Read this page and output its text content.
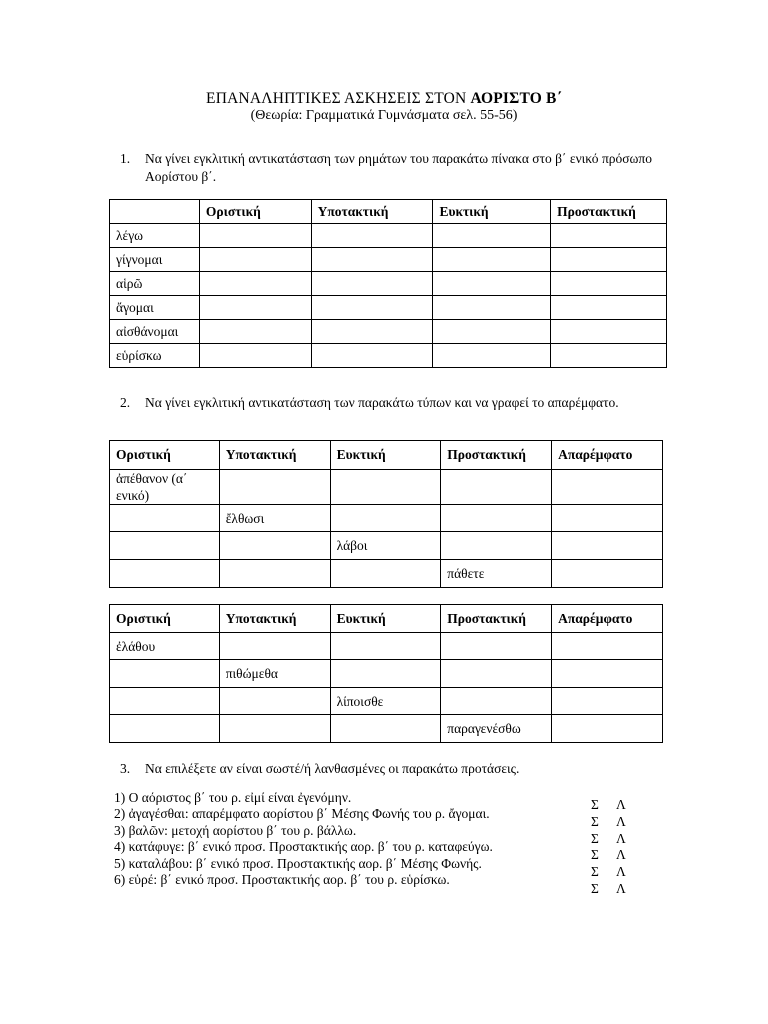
ΕΠΑΝΑΛΗΠΤΙΚΕΣ ΑΣΚΗΣΕΙΣ ΣΤΟΝ ΑΟΡΙΣΤΟ Β΄
(Θεωρία: Γραμματικά Γυμνάσματα σελ. 55-56)
1.	Να γίνει εγκλιτική αντικατάσταση των ρημάτων του παρακάτω πίνακα στο β΄ ενικό πρόσωπο Αορίστου β΄.
	Οριστική	Υποτακτική	Ευκτική	Προστακτική
λέγω				
γίγνομαι				
αἱρῶ				
ἄγομαι				
αἰσθάνομαι				
εὑρίσκω				
2.	Να γίνει εγκλιτική αντικατάσταση των παρακάτω τύπων και να γραφεί το απαρέμφατο.
Οριστική	Υποτακτική	Ευκτική	Προστακτική	Απαρέμφατο
ἀπέθανον (α΄ ενικό)				
	ἔλθωσι			
		λάβοι		
			πάθετε	
Οριστική	Υποτακτική	Ευκτική	Προστακτική	Απαρέμφατο
ἐλάθου				
	πιθώμεθα			
		λίποισθε		
			παραγενέσθω	
3.	Να επιλέξετε αν είναι σωστέ/ή λανθασμένες οι παρακάτω προτάσεις.
1) Ο αόριστος β΄ του ρ. εἰμί είναι ἐγενόμην.
2) ἀγαγέσθαι: απαρέμφατο αορίστου β΄ Μέσης Φωνής του ρ. ἄγομαι.
3) βαλῶν: μετοχή αορίστου β΄ του ρ. βάλλω.
4) κατάφυγε: β΄ ενικό προσ. Προστακτικής αορ. β΄ του ρ. καταφεύγω.
5) καταλάβου: β΄ ενικό προσ. Προστακτικής αορ. β΄ Μέσης Φωνής.
6) εὑρέ: β΄ ενικό προσ. Προστακτικής αορ. β΄ του ρ. εὑρίσκω.
Σ	Λ
Σ	Λ
Σ	Λ
Σ	Λ
Σ	Λ
Σ	Λ
